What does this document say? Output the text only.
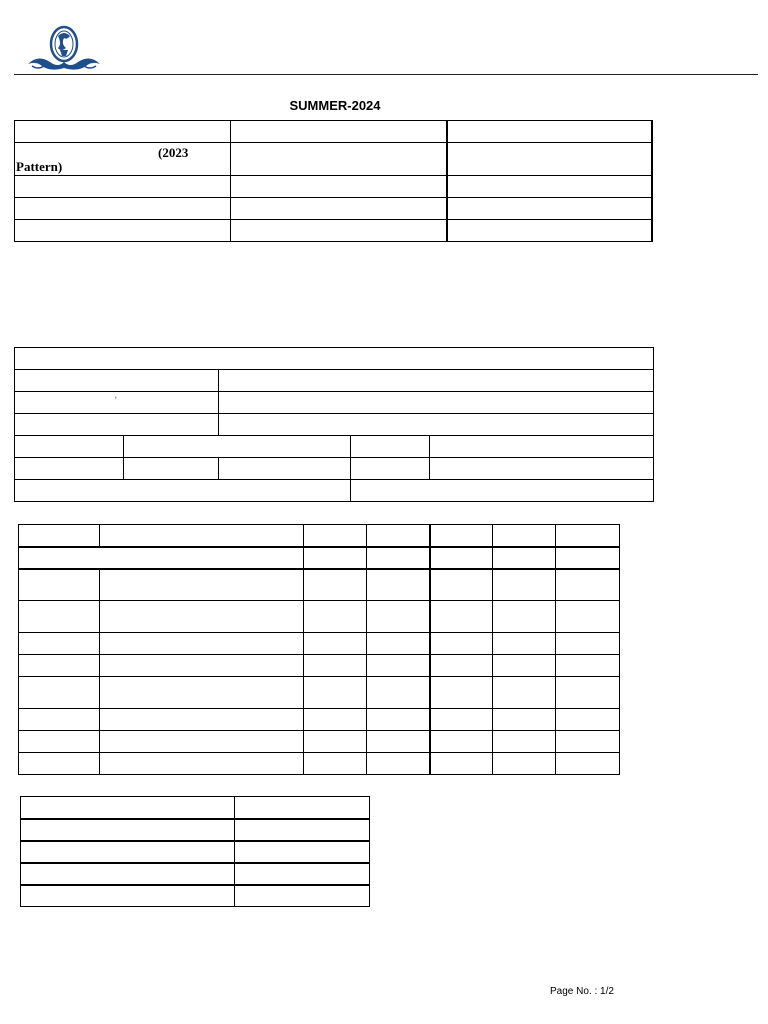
SUMMER-2024

(2023
Pattern)		

ʼ				

Page No. : 1/2
